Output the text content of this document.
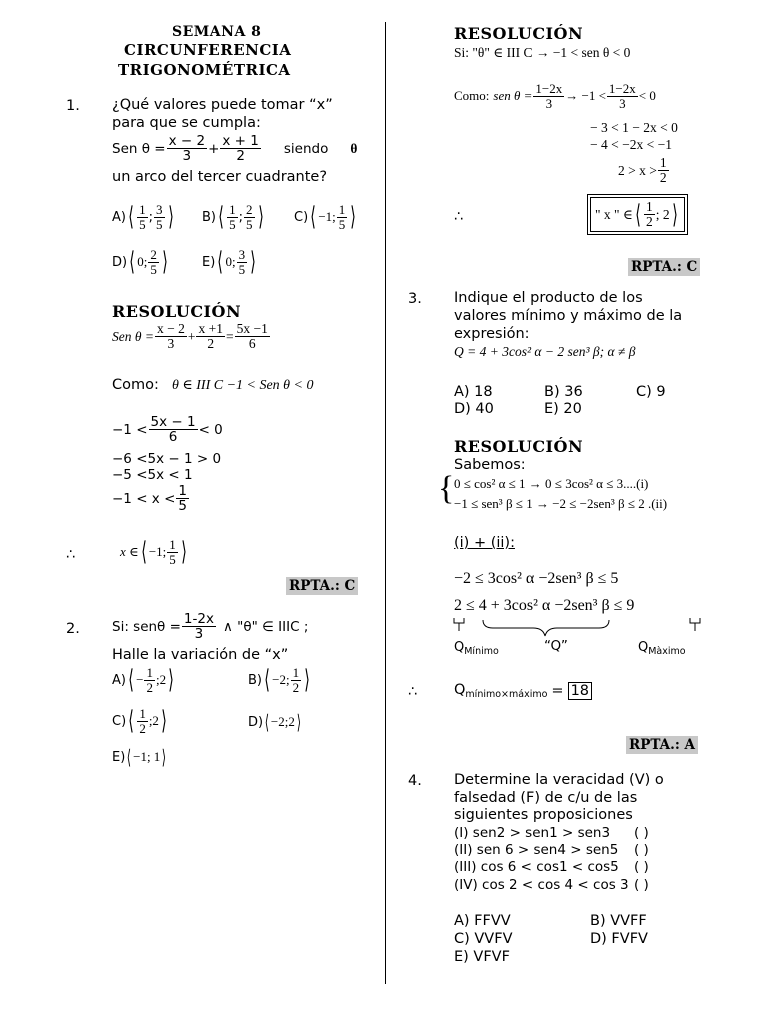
SEMANA 8
CIRCUNFERENCIA
TRIGONOMÉTRICA
1. ¿Qué valores puede tomar “x”
para que se cumpla:
Sen $\theta = \frac{x - 2}{3} + \frac{x + 1}{2}$ siendo θ
un arco del tercer cuadrante?
A) ⟨ $\frac{1}{5}$ ; $\frac{3}{5}$ ⟩ B) ⟨ $\frac{1}{5}$ ; $\frac{2}{5}$ ⟩ C) ⟨ −1; $\frac{1}{5}$ ⟩
D) ⟨ 0; $\frac{2}{5}$ ⟩	E) ⟨ 0; $\frac{3}{5}$ ⟩
RESOLUCIÓN
Sen $\theta = \frac{x - 2}{3} + \frac{x +1}{2} = \frac{5x -1}{6}$
Como: θ ∈ III C −1 < Sen θ < 0
$-1 < \frac{5x - 1}{6} < 0$
−6 <5x − 1 > 0
−5 <5x < 1
$-1 < x < \frac{1}{5}$
∴	x ∈ ⟨ −1; $\frac{1}{5}$ ⟩
RPTA.: C
2. Si: $sen\theta = \frac{1-2x}{3}$ ∧ "θ" ∈ IIIC ;
Halle la variación de “x”
A) ⟨ − $\frac{1}{2}$ ;2 ⟩	B) ⟨ −2; $\frac{1}{2}$ ⟩
C) ⟨ $\frac{1}{2}$ ;2 ⟩	D) ⟨ −2;2 ⟩
E) ⟨ −1; 1 ⟩
RESOLUCIÓN
Si: "θ" ∈ III C → −1 < sen θ < 0
Como: sen $\theta = \frac{1-2x}{3} \to -1 < \frac{1-2x}{3} < 0$
− 3 < 1 − 2x < 0
− 4 < −2x < −1
$2 > x > \frac{1}{2}$
∴	" x " ∈ ⟨ $\frac{1}{2}$ ; 2 ⟩
RPTA.: C
3. Indique el producto de los
valores mínimo y máximo de la
expresión:
Q = 4 + 3cos² α − 2 sen³ β; α ≠ β
A) 18	B) 36	C) 9
D) 40	E) 20
RESOLUCIÓN
Sabemos:
{ 0 ≤ cos² α ≤ 1 → 0 ≤ 3cos² α ≤ 3....(i)
−1 ≤ sen³ β ≤ 1 → −2 ≤ −2sen³ β ≤ 2 .(ii)
(i) + (ii):
−2 ≤ 3cos² α −2sen³ β ≤ 5
2 ≤ 4 + 3cos² α −2sen³ β ≤ 9
$Q_{Mínimo}$	“Q”	$Q_{Màximo}$
∴	$Q_{mínimo\times máximo} = 18$
RPTA.: A
4. Determine la veracidad (V) o
falsedad (F) de c/u de las
siguientes proposiciones
(I) sen2 > sen1 > sen3 ( )
(II) sen 6 > sen4 > sen5 ( )
(III) cos 6 < cos1 < cos5 ( )
(IV) cos 2 < cos 4 < cos 3 ( )
A) FFVV	B) VVFF
C) VVFV	D) FVFV
E) VFVF
